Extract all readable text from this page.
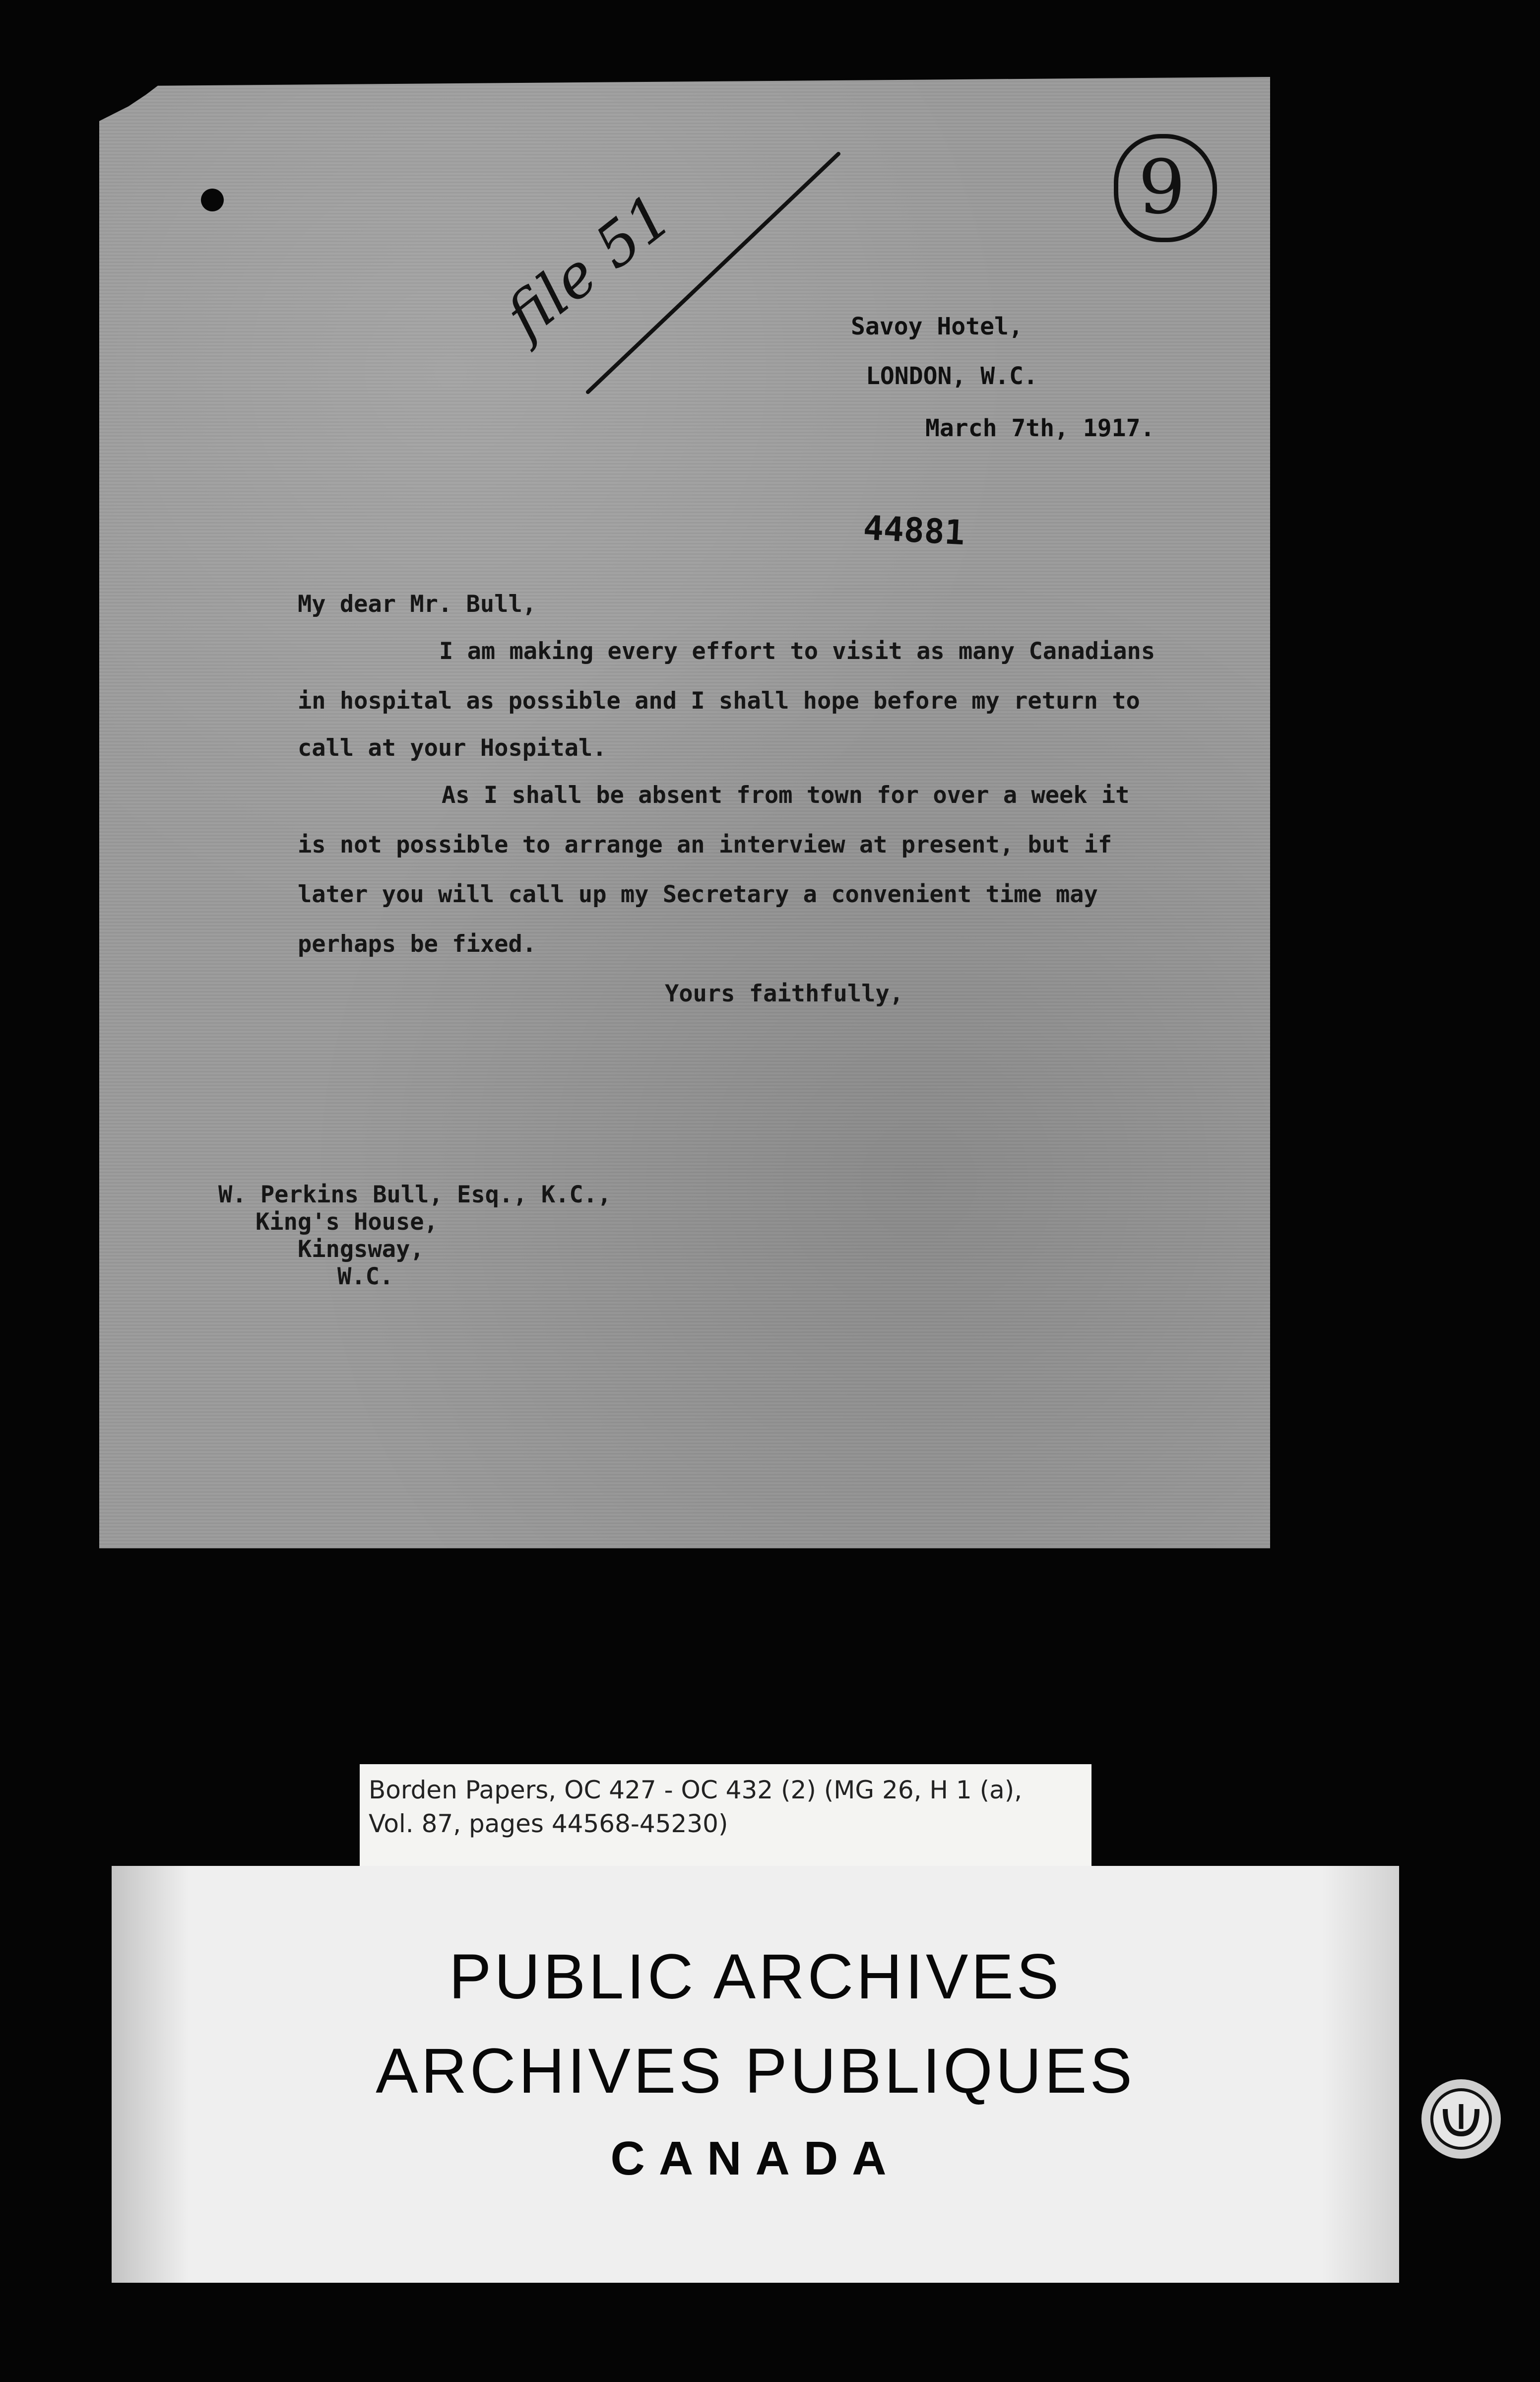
file 51	9
Savoy Hotel,
LONDON, W.C.
March 7th, 1917.
44881
My dear Mr. Bull,
I am making every effort to visit as many Canadians
in hospital as possible and I shall hope before my return to
call at your Hospital.
As I shall be absent from town for over a week it
is not possible to arrange an interview at present, but if
later you will call up my Secretary a convenient time may
perhaps be fixed.
Yours faithfully,
W. Perkins Bull, Esq., K.C.,
King's House,
Kingsway,
W.C.
Borden Papers, OC 427 - OC 432 (2) (MG 26, H 1 (a),
Vol. 87, pages 44568-45230)
PUBLIC ARCHIVES
ARCHIVES PUBLIQUES
CANADA
